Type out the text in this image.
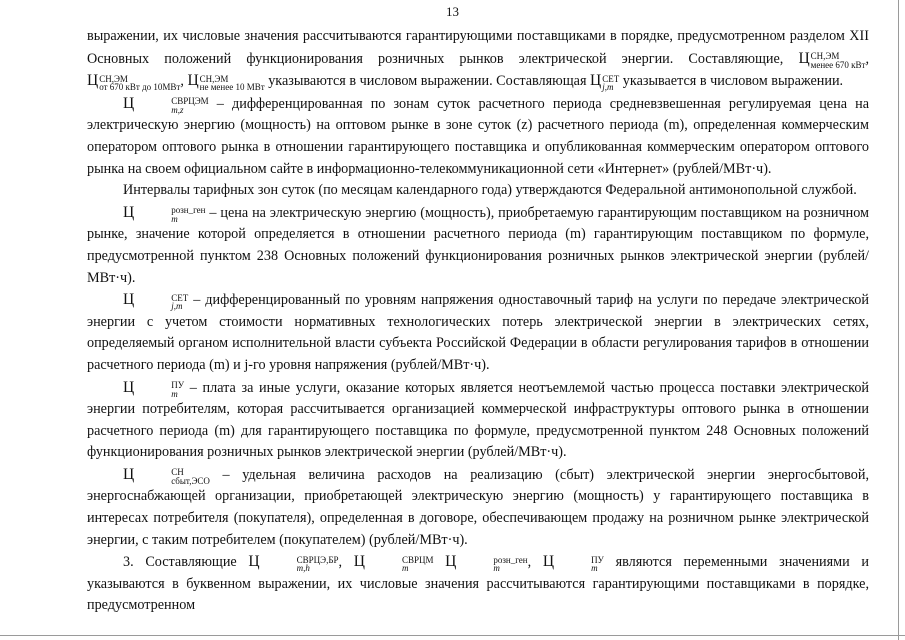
13

выражении, их числовые значения рассчитываются гарантирующими поставщиками в порядке, предусмотренном разделом XII Основных положений функционирования розничных рынков электрической энергии. Составляющие, Ц СН,ЭМ
менее 670 кВт , Ц СН,ЭМ
от 670 кВт до 10МВт , Ц СН,ЭМ
не менее 10 МВт указываются в числовом выражении. Составляющая Ц СЕТ
j,m указывается в числовом выражении.

Ц	СВРЦЭМ
m,z	– дифференцированная по зонам суток расчетного периода средневзвешенная регулируемая цена на электрическую энергию (мощность) на оптовом рынке в зоне суток (z) расчетного периода (m), определенная коммерческим оператором оптового рынка в отношении гарантирующего поставщика и опубликованная коммерческим оператором оптового рынка на своем официальном сайте в информационно-телекоммуникационной сети «Интернет» (рублей/МВт·ч).

Интервалы тарифных зон суток (по месяцам календарного года) утверждаются Федеральной антимонопольной службой.

Ц	розн_ген
m	– цена на электрическую энергию (мощность), приобретаемую гарантирующим поставщиком на розничном рынке, значение которой определяется в отношении расчетного периода (m) гарантирующим поставщиком по формуле, предусмотренной пунктом 238 Основных положений функционирования розничных рынков электрической энергии (рублей/МВт·ч).

Ц	СЕТ
j,m – дифференцированный по уровням напряжения одноставочный тариф на услуги по передаче электрической энергии с учетом стоимости нормативных технологических потерь электрической энергии в электрических сетях, определяемый органом исполнительной власти субъекта Российской Федерации в области регулирования тарифов в отношении расчетного периода (m) и j-го уровня напряжения (рублей/МВт·ч).

Ц	ПУ
m – плата за иные услуги, оказание которых является неотъемлемой частью процесса поставки электрической энергии потребителям, которая рассчитывается организацией коммерческой инфраструктуры оптового рынка в отношении расчетного периода (m) для гарантирующего поставщика по формуле, предусмотренной пунктом 248 Основных положений функционирования розничных рынков электрической энергии (рублей/МВт·ч).

Ц	СН
сбыт,ЭСО – удельная величина расходов на реализацию (сбыт) электрической энергии энергосбытовой, энергоснабжающей организации, приобретающей электрическую энергию (мощность) у гарантирующего поставщика в интересах потребителя (покупателя), определенная в договоре, обеспечивающем продажу на розничном рынке электрической энергии, с таким потребителем (покупателем) (рублей/МВт·ч).

3. Составляющие Ц	СВРЦЭ,БР
m,h	, Ц	СВРЦМ
m	Ц	розн_ген
m	, Ц	ПУ
m	являются переменными значениями и указываются в буквенном выражении, их числовые значения рассчитываются гарантирующими поставщиками в порядке, предусмотренном
